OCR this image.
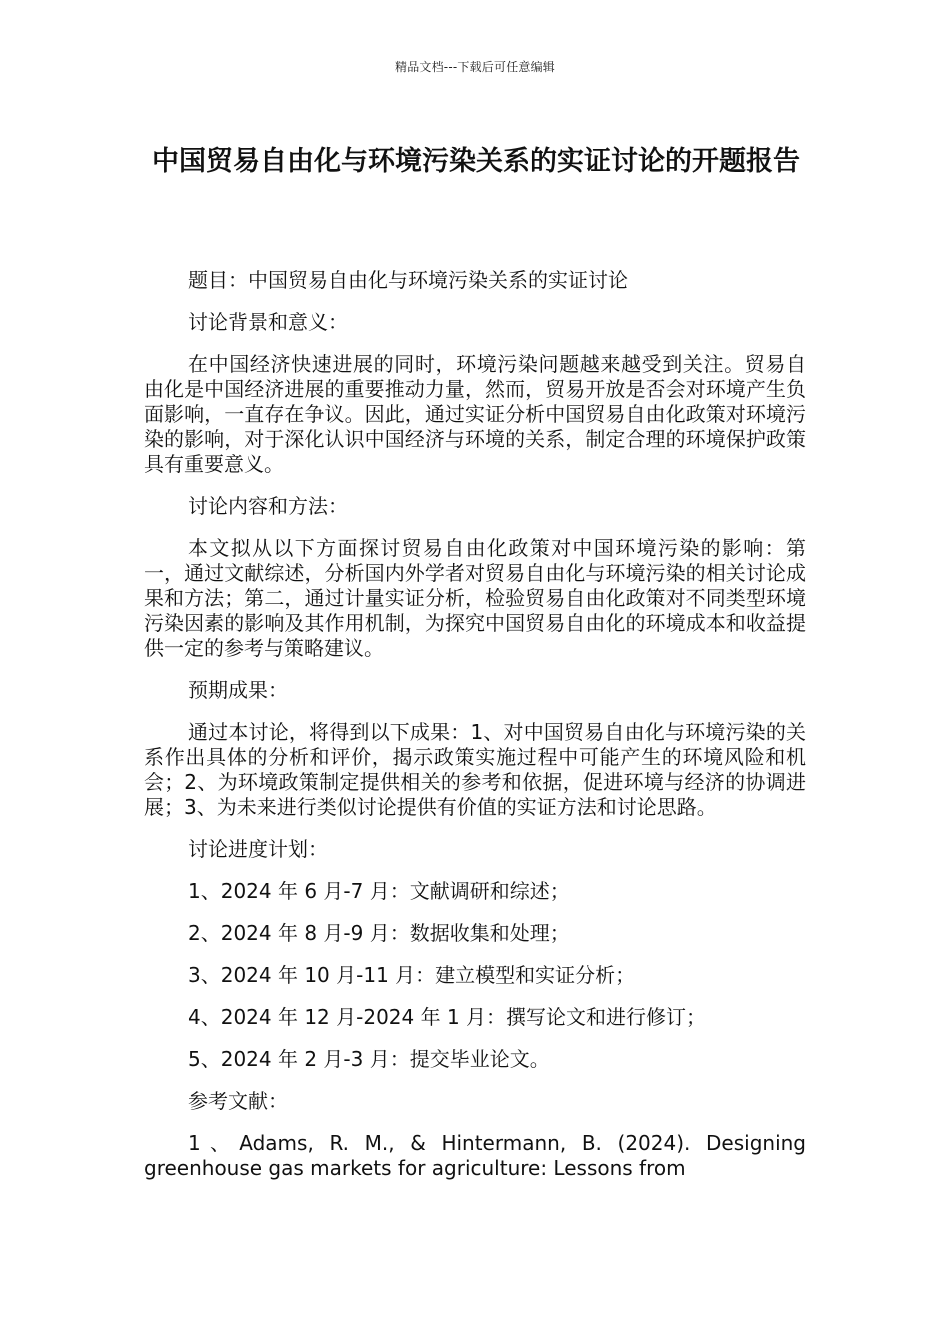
精品文档---下载后可任意编辑
中国贸易自由化与环境污染关系的实证讨论的开题报告

题目：中国贸易自由化与环境污染关系的实证讨论

讨论背景和意义：

在中国经济快速进展的同时，环境污染问题越来越受到关注。贸易自由化是中国经济进展的重要推动力量，然而，贸易开放是否会对环境产生负面影响，一直存在争议。因此，通过实证分析中国贸易自由化政策对环境污染的影响，对于深化认识中国经济与环境的关系，制定合理的环境保护政策具有重要意义。

讨论内容和方法：

本文拟从以下方面探讨贸易自由化政策对中国环境污染的影响：第一，通过文献综述，分析国内外学者对贸易自由化与环境污染的相关讨论成果和方法；第二，通过计量实证分析，检验贸易自由化政策对不同类型环境污染因素的影响及其作用机制，为探究中国贸易自由化的环境成本和收益提供一定的参考与策略建议。

预期成果：

通过本讨论，将得到以下成果：1、对中国贸易自由化与环境污染的关系作出具体的分析和评价，揭示政策实施过程中可能产生的环境风险和机会；2、为环境政策制定提供相关的参考和依据，促进环境与经济的协调进展；3、为未来进行类似讨论提供有价值的实证方法和讨论思路。

讨论进度计划：

1、2024 年 6 月-7 月：文献调研和综述；

2、2024 年 8 月-9 月：数据收集和处理；

3、2024 年 10 月-11 月：建立模型和实证分析；

4、2024 年 12 月-2024 年 1 月：撰写论文和进行修订；

5、2024 年 2 月-3 月：提交毕业论文。

参考文献：

1、Adams, R. M., & Hintermann, B. (2024). Designing greenhouse gas markets for agriculture: Lessons from
